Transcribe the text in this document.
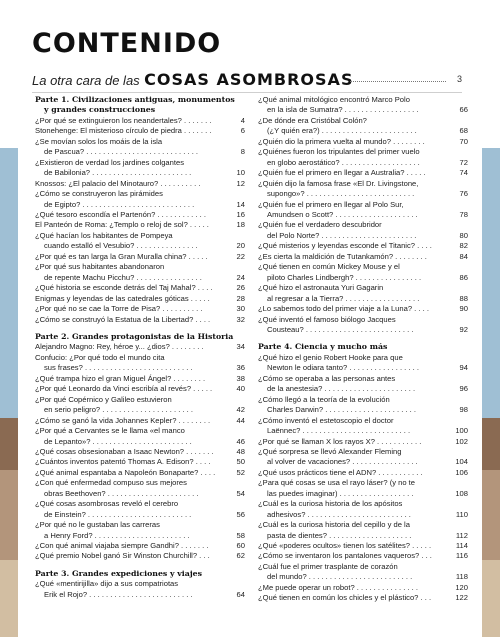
CONTENIDO
La otra cara de las COSAS ASOMBROSAS	3
Parte 1. Civilizaciones antiguas, monumentos
y grandes construcciones
¿Por qué se extinguieron los neandertales? . . . . . . .	4
Stonehenge: El misterioso círculo de piedra . . . . . . .	6
¿Se movían solos los moáis de la isla
de Pascua? . . . . . . . . . . . . . . . . . . . . . . . . . . .	8
¿Existieron de verdad los jardines colgantes
de Babilonia? . . . . . . . . . . . . . . . . . . . . . . . .	10
Knossos: ¿El palacio del Minotauro? . . . . . . . . . .	12
¿Cómo se construyeron las pirámides
de Egipto? . . . . . . . . . . . . . . . . . . . . . . . . . . .	14
¿Qué tesoro escondía el Partenón? . . . . . . . . . . . .	16
El Panteón de Roma: ¿Templo o reloj de sol? . . . . .	18
¿Qué hacían los habitantes de Pompeya
cuando estalló el Vesubio? . . . . . . . . . . . . . . .	20
¿Por qué es tan larga la Gran Muralla china? . . . . .	22
¿Por qué sus habitantes abandonaron
de repente Machu Picchu? . . . . . . . . . . . . . . . .	24
¿Qué historia se esconde detrás del Taj Mahal? . . . .	26
Enigmas y leyendas de las catedrales góticas . . . . .	28
¿Por qué no se cae la Torre de Pisa? . . . . . . . . . .	30
¿Cómo se construyó la Estatua de la Libertad? . . . .	32
Parte 2. Grandes protagonistas de la Historia
Alejandro Magno: Rey, héroe y... ¿dios? . . . . . . . .	34
Confucio: ¿Por qué todo el mundo cita
sus frases? . . . . . . . . . . . . . . . . . . . . . . . . . .	36
¿Qué trampa hizo el gran Miguel Ángel? . . . . . . . .	38
¿Por qué Leonardo da Vinci escribía al revés? . . . . .	40
¿Por qué Copérnico y Galileo estuvieron
en serio peligro? . . . . . . . . . . . . . . . . . . . . . .	42
¿Cómo se ganó la vida Johannes Kepler? . . . . . . . .	44
¿Por qué a Cervantes se le llama «el manco
de Lepanto»? . . . . . . . . . . . . . . . . . . . . . . . .	46
¿Qué cosas obsesionaban a Isaac Newton? . . . . . . .	48
¿Cuántos inventos patentó Thomas A. Edison? . . . .	50
¿Qué animal espantaba a Napoleón Bonaparte? . . . .	52
¿Con qué enfermedad compuso sus mejores
obras Beethoven? . . . . . . . . . . . . . . . . . . . . . .	54
¿Qué cosas asombrosas reveló el cerebro
de Einstein? . . . . . . . . . . . . . . . . . . . . . . . . .	56
¿Por qué no le gustaban las carreras
a Henry Ford? . . . . . . . . . . . . . . . . . . . . . . .	58
¿Con qué animal viajaba siempre Gandhi? . . . . . . .	60
¿Qué premio Nobel ganó Sir Winston Churchill? . . .	62
Parte 3. Grandes expediciones y viajes
¿Qué «mentirijilla» dijo a sus compatriotas
Erik el Rojo? . . . . . . . . . . . . . . . . . . . . . . . . .	64
¿Qué animal mitológico encontró Marco Polo
en la isla de Sumatra? . . . . . . . . . . . . . . . . . .	66
¿De dónde era Cristóbal Colón?
(¿Y quién era?) . . . . . . . . . . . . . . . . . . . . . . .	68
¿Quién dio la primera vuelta al mundo? . . . . . . . .	70
¿Quiénes fueron los tripulantes del primer vuelo
en globo aerostático? . . . . . . . . . . . . . . . . . . .	72
¿Quién fue el primero en llegar a Australia? . . . . .	74
¿Quién dijo la famosa frase «El Dr. Livingstone,
supongo»? . . . . . . . . . . . . . . . . . . . . . . . . . .	76
¿Quién fue el primero en llegar al Polo Sur,
Amundsen o Scott? . . . . . . . . . . . . . . . . . . . .	78
¿Quién fue el verdadero descubridor
del Polo Norte? . . . . . . . . . . . . . . . . . . . . . . .	80
¿Qué misterios y leyendas esconde el Titanic? . . . .	82
¿Es cierta la maldición de Tutankamón? . . . . . . . .	84
¿Qué tienen en común Mickey Mouse y el
piloto Charles Lindbergh? . . . . . . . . . . . . . . . .	86
¿Qué hizo el astronauta Yuri Gagarin
al regresar a la Tierra? . . . . . . . . . . . . . . . . . .	88
¿Lo sabemos todo del primer viaje a la Luna? . . . .	90
¿Qué inventó el famoso biólogo Jacques
Cousteau? . . . . . . . . . . . . . . . . . . . . . . . . . .	92
Parte 4. Ciencia y mucho más
¿Qué hizo el genio Robert Hooke para que
Newton le odiara tanto? . . . . . . . . . . . . . . . . .	94
¿Cómo se operaba a las personas antes
de la anestesia? . . . . . . . . . . . . . . . . . . . . . .	96
¿Cómo llegó a la teoría de la evolución
Charles Darwin? . . . . . . . . . . . . . . . . . . . . . .	98
¿Cómo inventó el estetoscopio el doctor
Laënnec? . . . . . . . . . . . . . . . . . . . . . . . . . .	100
¿Por qué se llaman X los rayos X? . . . . . . . . . . .	102
¿Qué sorpresa se llevó Alexander Fleming
al volver de vacaciones? . . . . . . . . . . . . . . . .	104
¿Qué usos prácticos tiene el ADN? . . . . . . . . . . .	106
¿Para qué cosas se usa el rayo láser? (y no te
las puedes imaginar) . . . . . . . . . . . . . . . . . .	108
¿Cuál es la curiosa historia de los apósitos
adhesivos? . . . . . . . . . . . . . . . . . . . . . . . . .	110
¿Cuál es la curiosa historia del cepillo y de la
pasta de dientes? . . . . . . . . . . . . . . . . . . . .	112
¿Qué «poderes ocultos» tienen los satélites? . . . . .	114
¿Cómo se inventaron los pantalones vaqueros? . . .	116
¿Cuál fue el primer trasplante de corazón
del mundo? . . . . . . . . . . . . . . . . . . . . . . . . .	118
¿Me puede operar un robot? . . . . . . . . . . . . . . .	120
¿Qué tienen en común los chicles y el plástico? . . .	122
